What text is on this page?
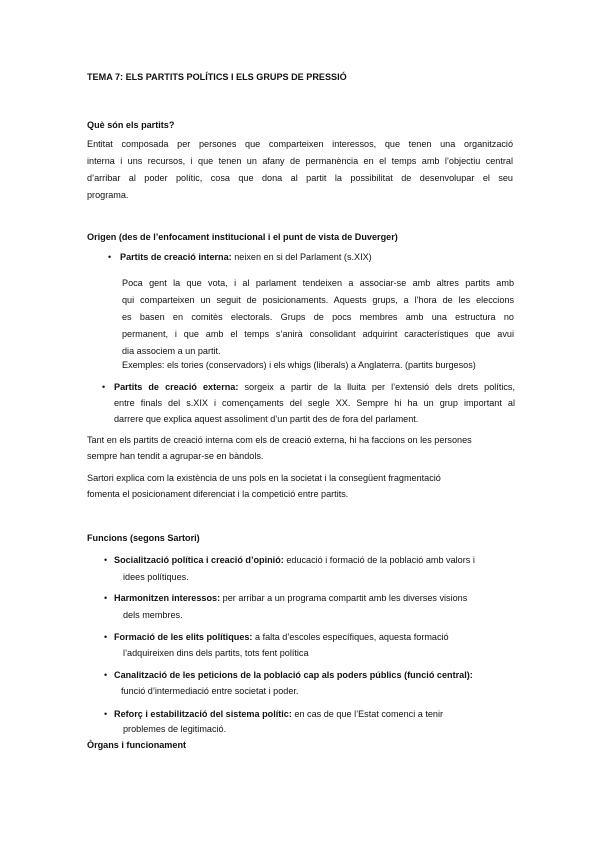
TEMA 7: ELS PARTITS POLÍTICS I ELS GRUPS DE PRESSIÓ
Què són els partits?
Entitat composada per persones que comparteixen interessos, que tenen una organització
interna i uns recursos, i que tenen un afany de permanència en el temps amb l’objectiu central
d’arribar al poder polític, cosa que dona al partit la possibilitat de desenvolupar el seu
programa.
Origen (des de l’enfocament institucional i el punt de vista de Duverger)
• Partits de creació interna: neixen en si del Parlament (s.XIX)
Poca gent la que vota, i al parlament tendeixen a associar-se amb altres partits amb
qui comparteixen un seguit de posicionaments. Aquests grups, a l’hora de les eleccions
es basen en comitès electorals. Grups de pocs membres amb una estructura no
permanent, i que amb el temps s’anirà consolidant adquirint característiques que avui
dia associem a un partit.
Exemples: els tories (conservadors) i els whigs (liberals) a Anglaterra. (partits burgesos)
• Partits de creació externa: sorgeix a partir de la lluita per l’extensió dels drets polítics,
entre finals del s.XIX i començaments del segle XX. Sempre hi ha un grup important al
darrere que explica aquest assoliment d’un partit des de fora del parlament.
Tant en els partits de creació interna com els de creació externa, hi ha faccions on les persones
sempre han tendit a agrupar-se en bàndols.
Sartori explica com la existència de uns pols en la societat i la consegüent fragmentació
fomenta el posicionament diferenciat i la competició entre partits.
Funcions (segons Sartori)
• Socialització política i creació d’opinió: educació i formació de la població amb valors i
idees polítiques.
• Harmonitzen interessos: per arribar a un programa compartit amb les diverses visions
dels membres.
• Formació de les elits polítiques: a falta d’escoles específiques, aquesta formació
l’adquireixen dins dels partits, tots fent política
• Canalització de les peticions de la població cap als poders públics (funció central):
funció d’intermediació entre societat i poder.
• Reforç i estabilització del sistema polític: en cas de que l’Estat comenci a tenir
problemes de legitimació.
Òrgans i funcionament
